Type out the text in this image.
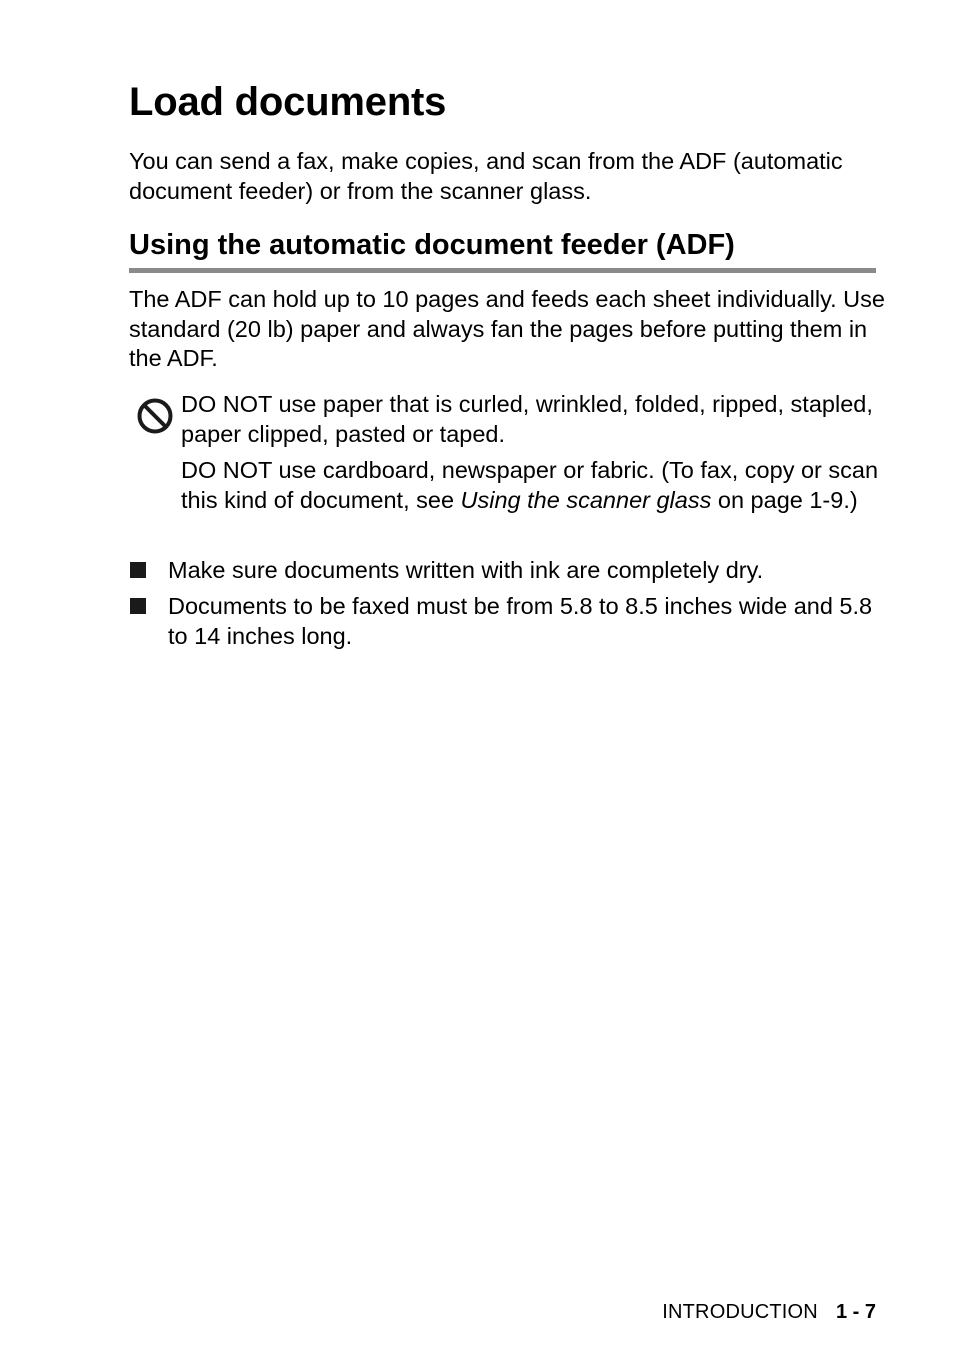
Load documents

You can send a fax, make copies, and scan from the ADF (automatic document feeder) or from the scanner glass.

Using the automatic document feeder (ADF)

The ADF can hold up to 10 pages and feeds each sheet individually. Use standard (20 lb) paper and always fan the pages before putting them in the ADF.

DO NOT use paper that is curled, wrinkled, folded, ripped, stapled, paper clipped, pasted or taped.

DO NOT use cardboard, newspaper or fabric. (To fax, copy or scan this kind of document, see Using the scanner glass on page 1-9.)

Make sure documents written with ink are completely dry.
Documents to be faxed must be from 5.8 to 8.5 inches wide and 5.8 to 14 inches long.
INTRODUCTION 1 - 7
